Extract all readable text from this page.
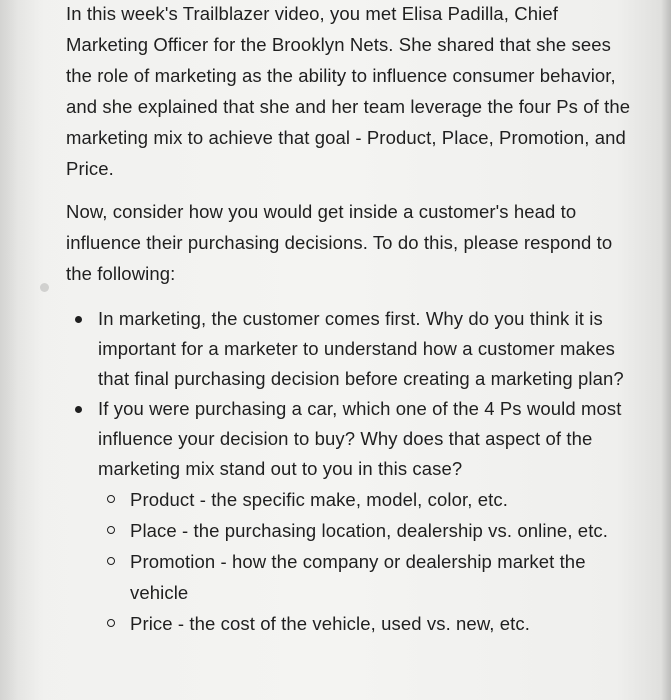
In this week's Trailblazer video, you met Elisa Padilla, Chief Marketing Officer for the Brooklyn Nets. She shared that she sees the role of marketing as the ability to influence consumer behavior, and she explained that she and her team leverage the four Ps of the marketing mix to achieve that goal - Product, Place, Promotion, and Price.

Now, consider how you would get inside a customer's head to influence their purchasing decisions. To do this, please respond to the following:

In marketing, the customer comes first. Why do you think it is important for a marketer to understand how a customer makes that final purchasing decision before creating a marketing plan?
If you were purchasing a car, which one of the 4 Ps would most influence your decision to buy? Why does that aspect of the marketing mix stand out to you in this case?
Product - the specific make, model, color, etc.
Place - the purchasing location, dealership vs. online, etc.
Promotion - how the company or dealership market the vehicle
Price - the cost of the vehicle, used vs. new, etc.
